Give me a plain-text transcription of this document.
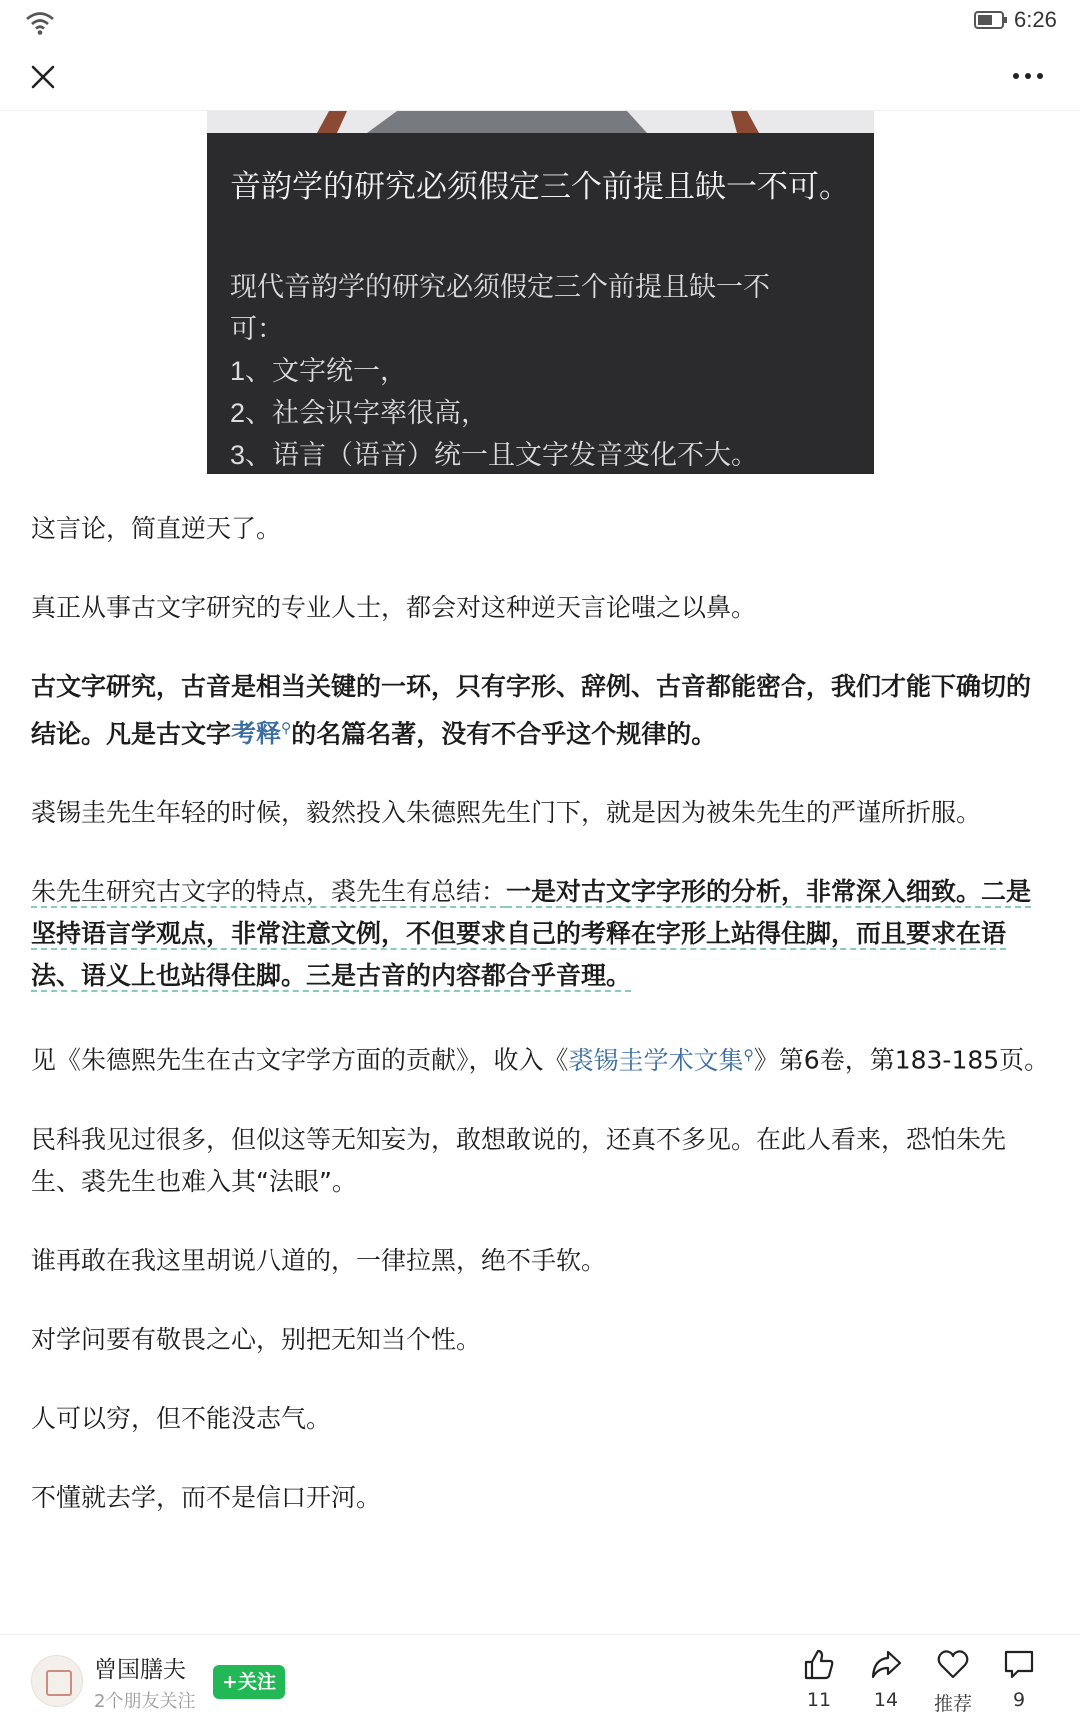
6:26
音韵学的研究必须假定三个前提且缺一不可。
现代音韵学的研究必须假定三个前提且缺一不
可：
1、文字统一，
2、社会识字率很高，
3、语言（语音）统一且文字发音变化不大。

这言论，简直逆天了。

真正从事古文字研究的专业人士，都会对这种逆天言论嗤之以鼻。

古文字研究，古音是相当关键的一环，只有字形、辞例、古音都能密合，我们才能下确切的结论。凡是古文字考释⚲的名篇名著，没有不合乎这个规律的。

裘锡圭先生年轻的时候，毅然投入朱德熙先生门下，就是因为被朱先生的严谨所折服。

朱先生研究古文字的特点，裘先生有总结：一是对古文字字形的分析，非常深入细致。二是坚持语言学观点，非常注意文例，不但要求自己的考释在字形上站得住脚，而且要求在语法、语义上也站得住脚。三是古音的内容都合乎音理。

见《朱德熙先生在古文字学方面的贡献》，收入《裘锡圭学术文集⚲》第6卷，第183-185页。

民科我见过很多，但似这等无知妄为，敢想敢说的，还真不多见。在此人看来，恐怕朱先生、裘先生也难入其“法眼”。

谁再敢在我这里胡说八道的，一律拉黑，绝不手软。

对学问要有敬畏之心，别把无知当个性。

人可以穷，但不能没志气。

不懂就去学，而不是信口开河。

曾国膳夫
2个朋友关注
+关注
11	14	推荐	9
